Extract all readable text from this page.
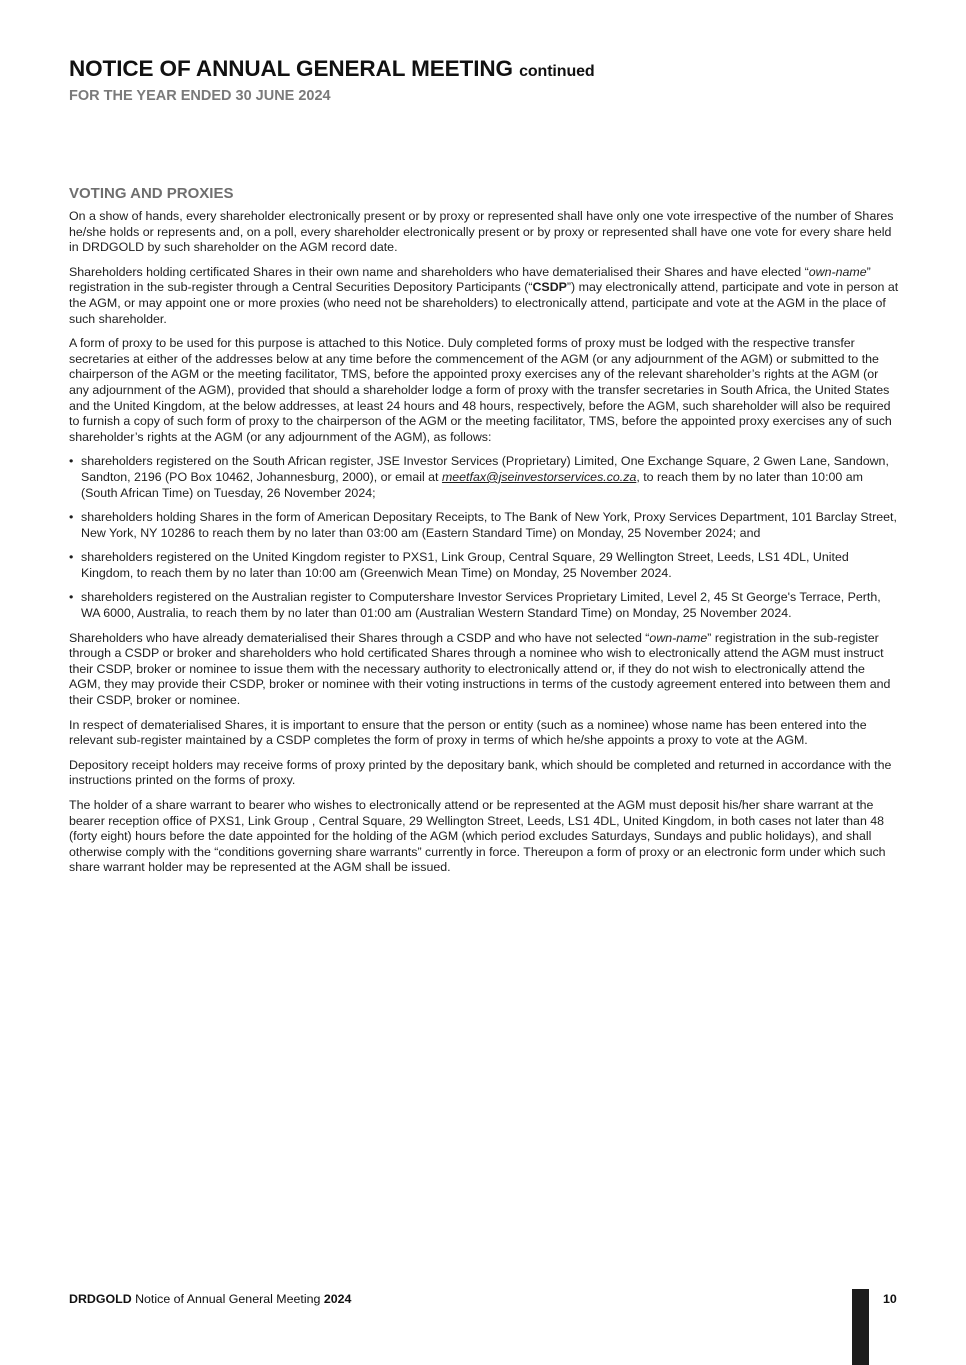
NOTICE OF ANNUAL GENERAL MEETING continued
FOR THE YEAR ENDED 30 JUNE 2024
VOTING AND PROXIES

On a show of hands, every shareholder electronically present or by proxy or represented shall have only one vote irrespective of the number of Shares he/she holds or represents and, on a poll, every shareholder electronically present or by proxy or represented shall have one vote for every share held in DRDGOLD by such shareholder on the AGM record date.

Shareholders holding certificated Shares in their own name and shareholders who have dematerialised their Shares and have elected “own-name” registration in the sub-register through a Central Securities Depository Participants (“CSDP”) may electronically attend, participate and vote in person at the AGM, or may appoint one or more proxies (who need not be shareholders) to electronically attend, participate and vote at the AGM in the place of such shareholder.

A form of proxy to be used for this purpose is attached to this Notice. Duly completed forms of proxy must be lodged with the respective transfer secretaries at either of the addresses below at any time before the commencement of the AGM (or any adjournment of the AGM) or submitted to the chairperson of the AGM or the meeting facilitator, TMS, before the appointed proxy exercises any of the relevant shareholder’s rights at the AGM (or any adjournment of the AGM), provided that should a shareholder lodge a form of proxy with the transfer secretaries in South Africa, the United States and the United Kingdom, at the below addresses, at least 24 hours and 48 hours, respectively, before the AGM, such shareholder will also be required to furnish a copy of such form of proxy to the chairperson of the AGM or the meeting facilitator, TMS, before the appointed proxy exercises any of such shareholder’s rights at the AGM (or any adjournment of the AGM), as follows:

• shareholders registered on the South African register, JSE Investor Services (Proprietary) Limited, One Exchange Square, 2 Gwen Lane, Sandown, Sandton, 2196 (PO Box 10462, Johannesburg, 2000), or email at meetfax@jseinvestorservices.co.za, to reach them by no later than 10:00 am (South African Time) on Tuesday, 26 November 2024;
• shareholders holding Shares in the form of American Depositary Receipts, to The Bank of New York, Proxy Services Department, 101 Barclay Street, New York, NY 10286 to reach them by no later than 03:00 am (Eastern Standard Time) on Monday, 25 November 2024; and
• shareholders registered on the United Kingdom register to PXS1, Link Group, Central Square, 29 Wellington Street, Leeds, LS1 4DL, United Kingdom, to reach them by no later than 10:00 am (Greenwich Mean Time) on Monday, 25 November 2024.
• shareholders registered on the Australian register to Computershare Investor Services Proprietary Limited, Level 2, 45 St George's Terrace, Perth, WA 6000, Australia, to reach them by no later than 01:00 am (Australian Western Standard Time) on Monday, 25 November 2024.

Shareholders who have already dematerialised their Shares through a CSDP and who have not selected “own-name” registration in the sub-register through a CSDP or broker and shareholders who hold certificated Shares through a nominee who wish to electronically attend the AGM must instruct their CSDP, broker or nominee to issue them with the necessary authority to electronically attend or, if they do not wish to electronically attend the AGM, they may provide their CSDP, broker or nominee with their voting instructions in terms of the custody agreement entered into between them and their CSDP, broker or nominee.

In respect of dematerialised Shares, it is important to ensure that the person or entity (such as a nominee) whose name has been entered into the relevant sub-register maintained by a CSDP completes the form of proxy in terms of which he/she appoints a proxy to vote at the AGM.

Depository receipt holders may receive forms of proxy printed by the depositary bank, which should be completed and returned in accordance with the instructions printed on the forms of proxy.

The holder of a share warrant to bearer who wishes to electronically attend or be represented at the AGM must deposit his/her share warrant at the bearer reception office of PXS1, Link Group , Central Square, 29 Wellington Street, Leeds, LS1 4DL, United Kingdom, in both cases not later than 48 (forty eight) hours before the date appointed for the holding of the AGM (which period excludes Saturdays, Sundays and public holidays), and shall otherwise comply with the “conditions governing share warrants” currently in force. Thereupon a form of proxy or an electronic form under which such share warrant holder may be represented at the AGM shall be issued.

DRDGOLD Notice of Annual General Meeting 2024	10
